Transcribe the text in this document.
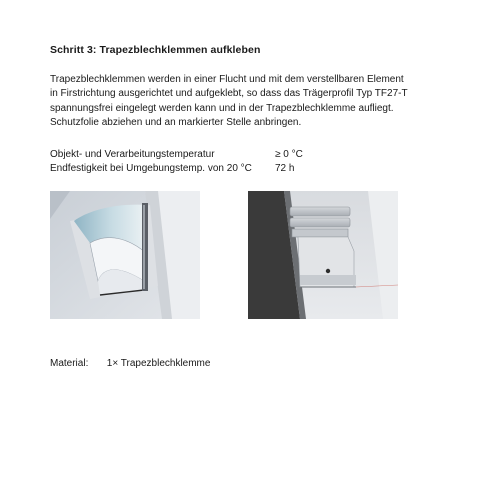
Schritt 3: Trapezblechklemmen aufkleben
Trapezblechklemmen werden in einer Flucht und mit dem verstellbaren Element
in Firstrichtung ausgerichtet und aufgeklebt, so dass das Trägerprofil Typ TF27-T
spannungsfrei eingelegt werden kann und in der Trapezblechklemme aufliegt.
Schutzfolie abziehen und an markierter Stelle anbringen.
Objekt- und Verarbeitungstemperatur	≥ 0 °C
Endfestigkeit bei Umgebungstemp. von 20 °C	72 h
Material: 1× Trapezblechklemme
